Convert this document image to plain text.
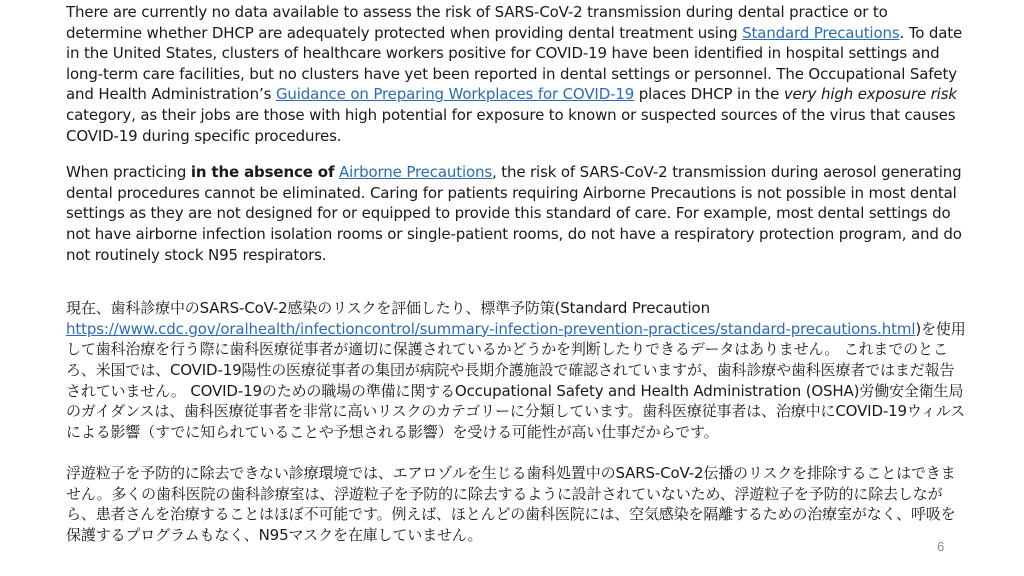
There are currently no data available to assess the risk of SARS-CoV-2 transmission during dental practice or to determine whether DHCP are adequately protected when providing dental treatment using Standard Precautions. To date in the United States, clusters of healthcare workers positive for COVID-19 have been identified in hospital settings and long-term care facilities, but no clusters have yet been reported in dental settings or personnel. The Occupational Safety and Health Administration’s Guidance on Preparing Workplaces for COVID-19 places DHCP in the very high exposure risk category, as their jobs are those with high potential for exposure to known or suspected sources of the virus that causes COVID-19 during specific procedures.

When practicing in the absence of Airborne Precautions, the risk of SARS-CoV-2 transmission during aerosol generating dental procedures cannot be eliminated. Caring for patients requiring Airborne Precautions is not possible in most dental settings as they are not designed for or equipped to provide this standard of care. For example, most dental settings do not have airborne infection isolation rooms or single-patient rooms, do not have a respiratory protection program, and do not routinely stock N95 respirators.

現在、歯科診療中のSARS-CoV-2感染のリスクを評価したり、標準予防策(Standard Precaution https://www.cdc.gov/oralhealth/infectioncontrol/summary-infection-prevention-practices/standard-precautions.html)を使用して歯科治療を行う際に歯科医療従事者が適切に保護されているかどうかを判断したりできるデータはありません。 これまでのところ、米国では、COVID-19陽性の医療従事者の集団が病院や長期介護施設で確認されていますが、歯科診療や歯科医療者ではまだ報告されていません。 COVID-19のための職場の準備に関するOccupational Safety and Health Administration (OSHA)労働安全衛生局のガイダンスは、歯科医療従事者を非常に高いリスクのカテゴリーに分類しています。歯科医療従事者は、治療中にCOVID-19ウィルスによる影響（すでに知られていることや予想される影響）を受ける可能性が高い仕事だからです。

浮遊粒子を予防的に除去できない診療環境では、エアロゾルを生じる歯科処置中のSARS-CoV-2伝播のリスクを排除することはできません。多くの歯科医院の歯科診療室は、浮遊粒子を予防的に除去するように設計されていないため、浮遊粒子を予防的に除去しながら、患者さんを治療することはほぼ不可能です。例えば、ほとんどの歯科医院には、空気感染を隔離するための治療室がなく、呼吸を保護するプログラムもなく、N95マスクを在庫していません。

6
